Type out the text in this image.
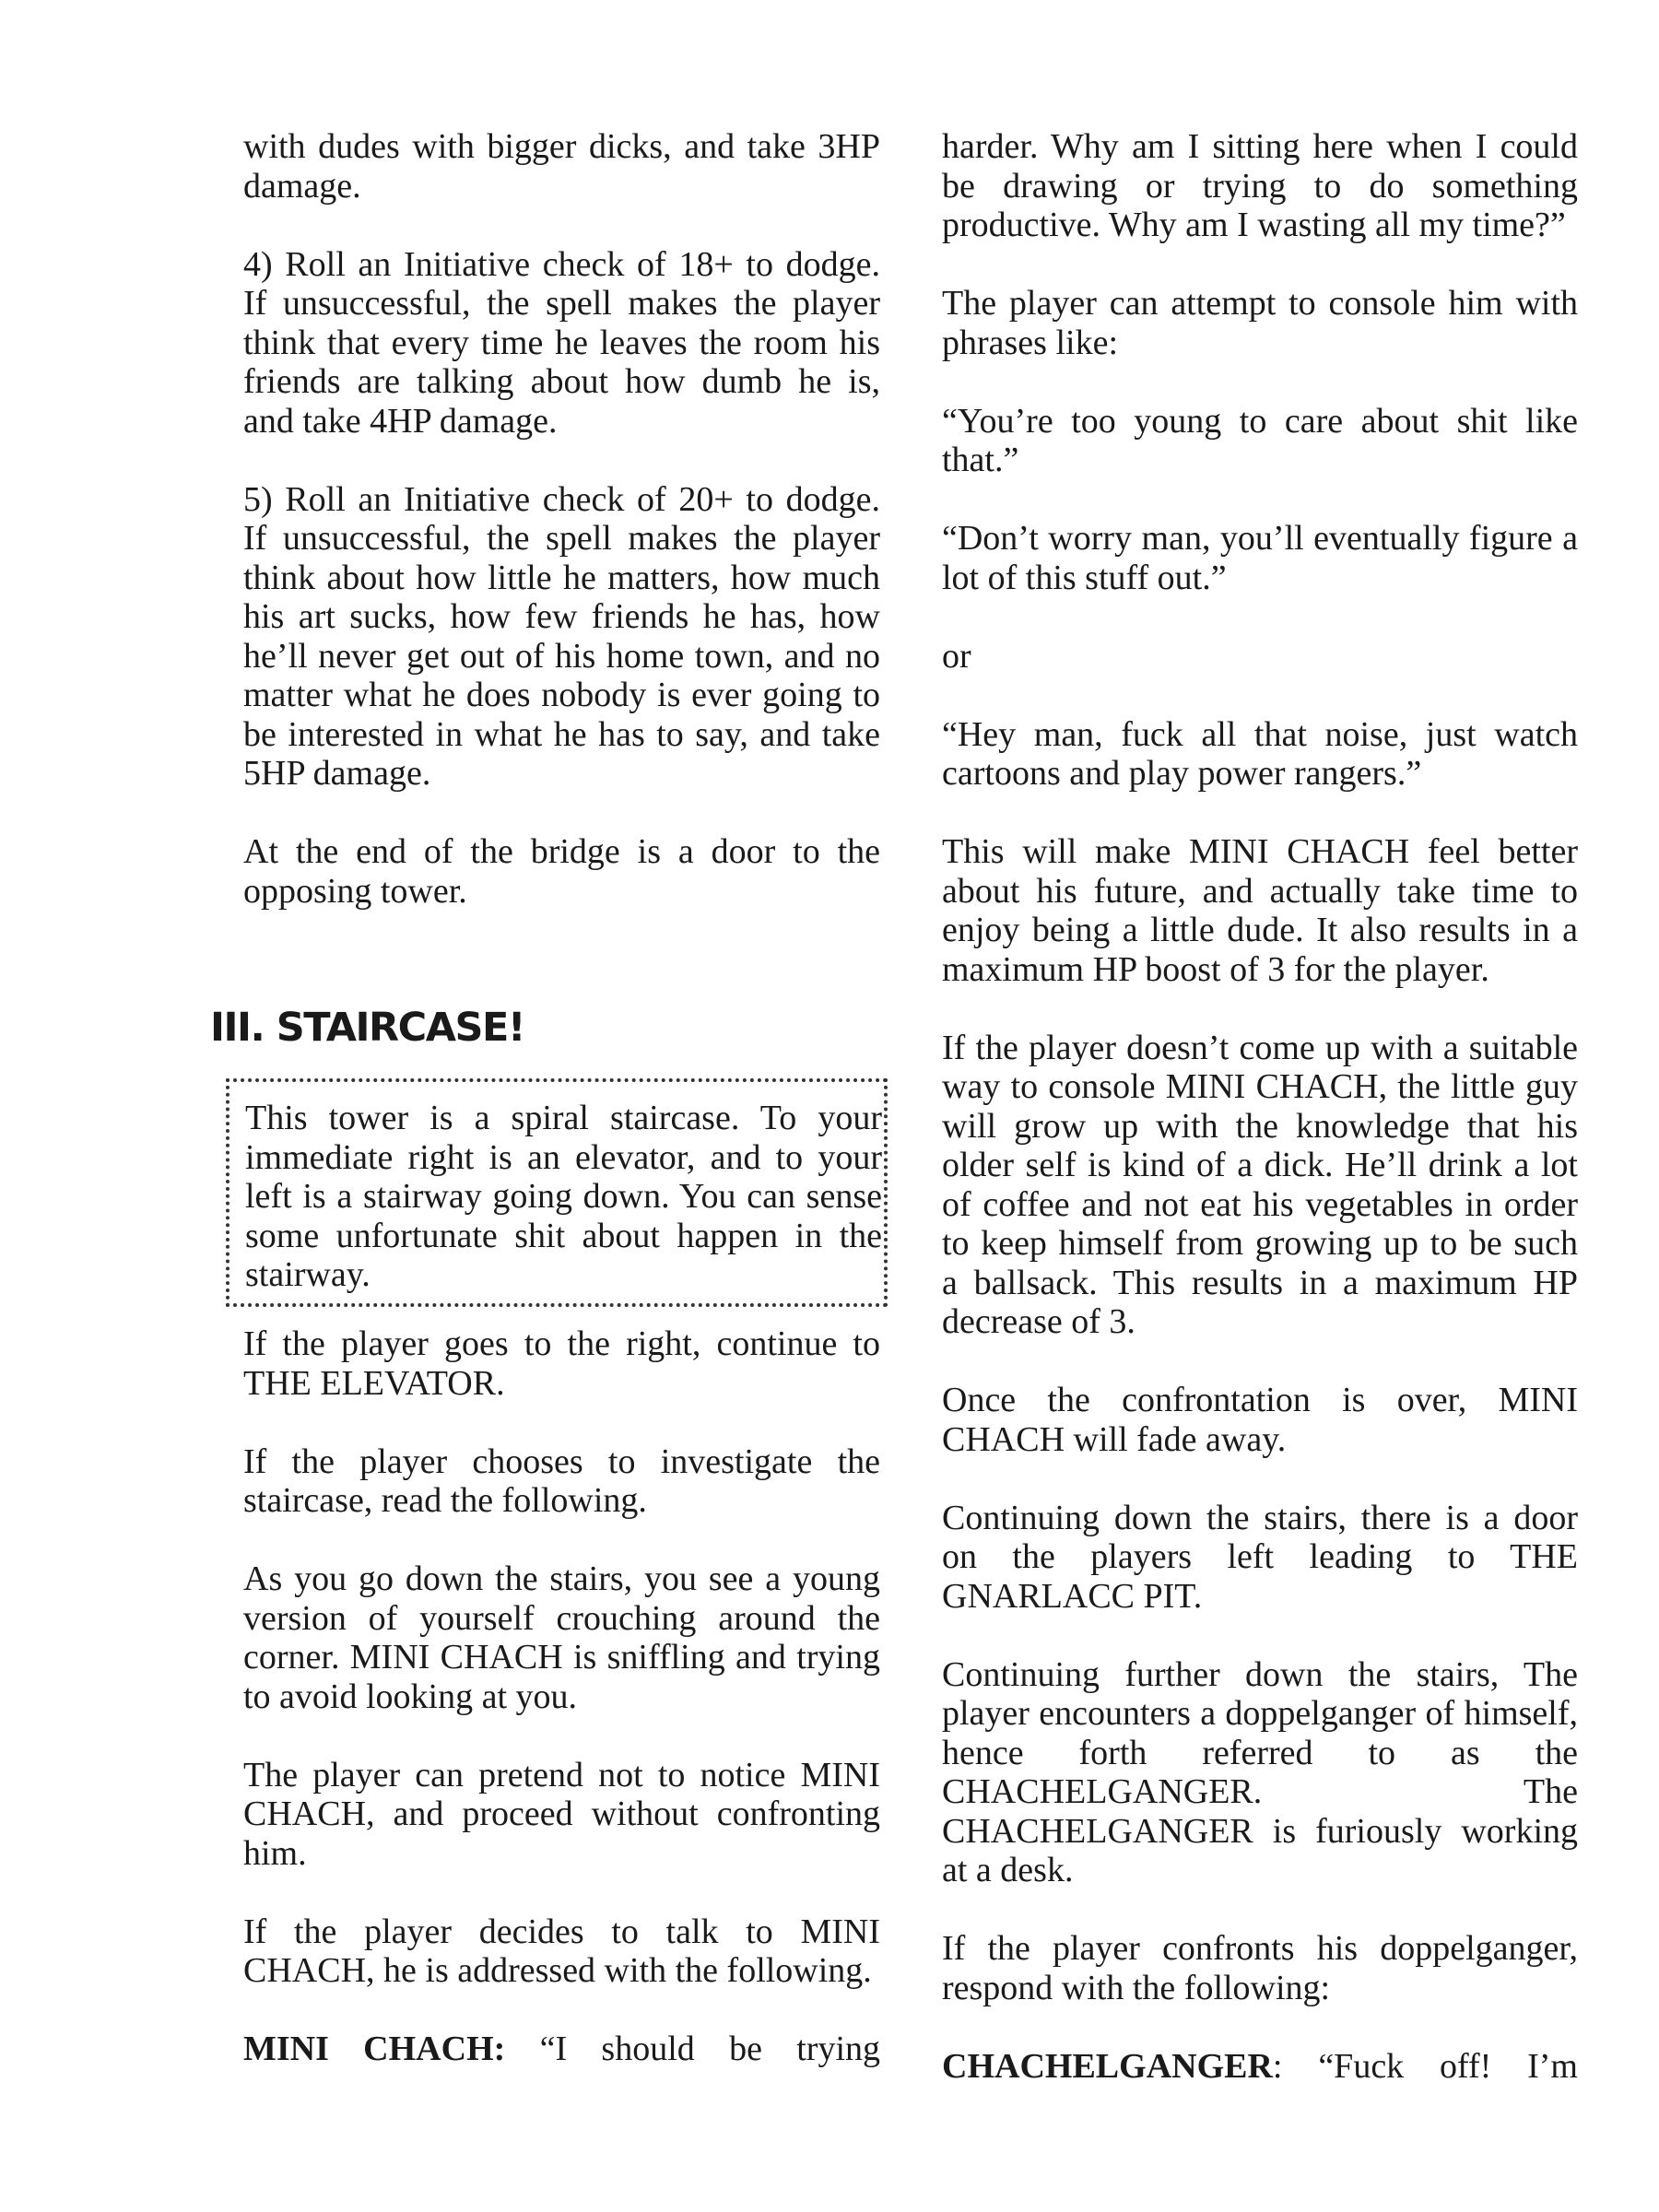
with dudes with bigger dicks, and take 3HP damage.

4) Roll an Initiative check of 18+ to dodge. If unsuccessful, the spell makes the player think that every time he leaves the room his friends are talking about how dumb he is, and take 4HP damage.

5) Roll an Initiative check of 20+ to dodge. If unsuccessful, the spell makes the player think about how little he matters, how much his art sucks, how few friends he has, how he’ll never get out of his home town, and no matter what he does nobody is ever going to be interested in what he has to say, and take 5HP damage.

At the end of the bridge is a door to the opposing tower.

III. STAIRCASE!

This tower is a spiral staircase. To your immediate right is an elevator, and to your left is a stairway going down. You can sense some unfortunate shit about happen in the stairway.

If the player goes to the right, continue to THE ELEVATOR.

If the player chooses to investigate the staircase, read the following.

As you go down the stairs, you see a young version of yourself crouching around the corner. MINI CHACH is sniffling and trying to avoid looking at you.

The player can pretend not to notice MINI CHACH, and proceed without confronting him.

If the player decides to talk to MINI CHACH, he is addressed with the following.

MINI CHACH: “I should be trying

harder. Why am I sitting here when I could be drawing or trying to do something productive. Why am I wasting all my time?”

The player can attempt to console him with phrases like:

“You’re too young to care about shit like that.”

“Don’t worry man, you’ll eventually figure a lot of this stuff out.”

or

“Hey man, fuck all that noise, just watch cartoons and play power rangers.”

This will make MINI CHACH feel better about his future, and actually take time to enjoy being a little dude. It also results in a maximum HP boost of 3 for the player.

If the player doesn’t come up with a suitable way to console MINI CHACH, the little guy will grow up with the knowledge that his older self is kind of a dick. He’ll drink a lot of coffee and not eat his vegetables in order to keep himself from growing up to be such a ballsack. This results in a maximum HP decrease of 3.

Once the confrontation is over, MINI CHACH will fade away.

Continuing down the stairs, there is a door on the players left leading to THE GNARLACC PIT.

Continuing further down the stairs, The player encounters a doppelganger of himself, hence forth referred to as the CHACHELGANGER. The CHACHELGANGER is furiously working at a desk.

If the player confronts his doppelganger, respond with the following:

CHACHELGANGER: “Fuck off! I’m
